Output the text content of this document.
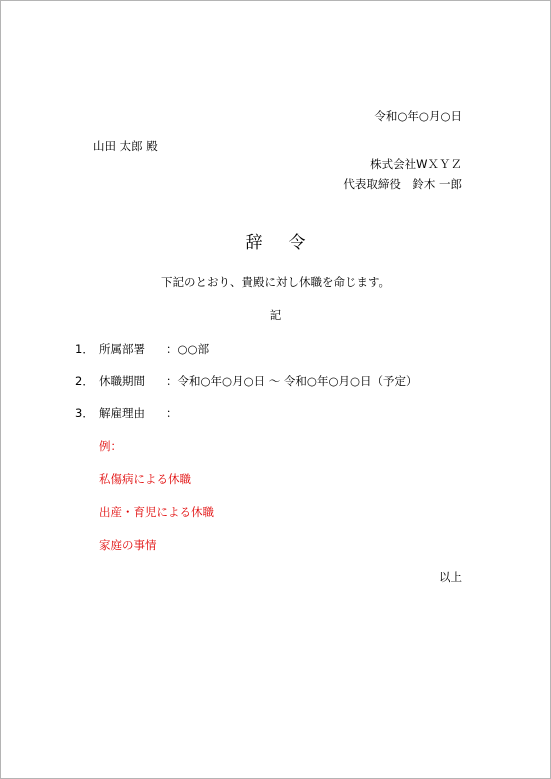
令和○年○月○日
山田 太郎 殿
株式会社WＸＹＺ
代表取締役　鈴木 一郎
辞 令
下記のとおり、貴殿に対し休職を命じます。
記
1． 所属部署 ：○○部
2． 休職期間 ：令和○年○月○日 ～ 令和○年○月○日（予定）
3． 解雇理由 ：
例：
私傷病による休職
出産・育児による休職
家庭の事情
以上
